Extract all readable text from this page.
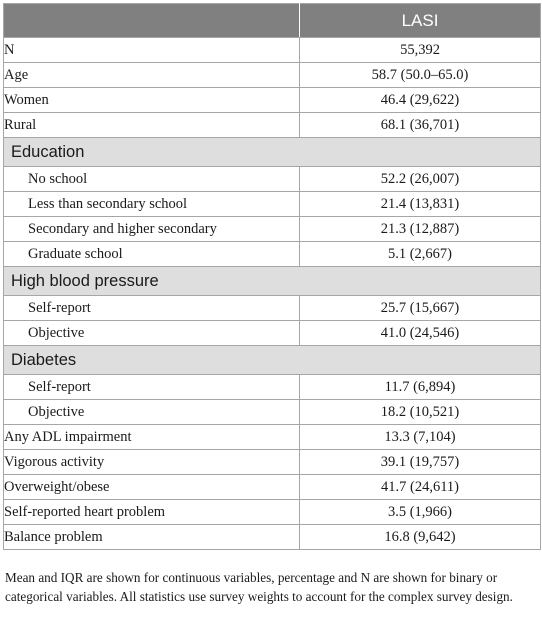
	LASI
N	55,392
Age	58.7 (50.0–65.0)
Women	46.4 (29,622)
Rural	68.1 (36,701)
Education	
No school	52.2 (26,007)
Less than secondary school	21.4 (13,831)
Secondary and higher secondary	21.3 (12,887)
Graduate school	5.1 (2,667)
High blood pressure	
Self-report	25.7 (15,667)
Objective	41.0 (24,546)
Diabetes	
Self-report	11.7 (6,894)
Objective	18.2 (10,521)
Any ADL impairment	13.3 (7,104)
Vigorous activity	39.1 (19,757)
Overweight/obese	41.7 (24,611)
Self-reported heart problem	3.5 (1,966)
Balance problem	16.8 (9,642)
Mean and IQR are shown for continuous variables, percentage and N are shown for binary or categorical variables. All statistics use survey weights to account for the complex survey design.
